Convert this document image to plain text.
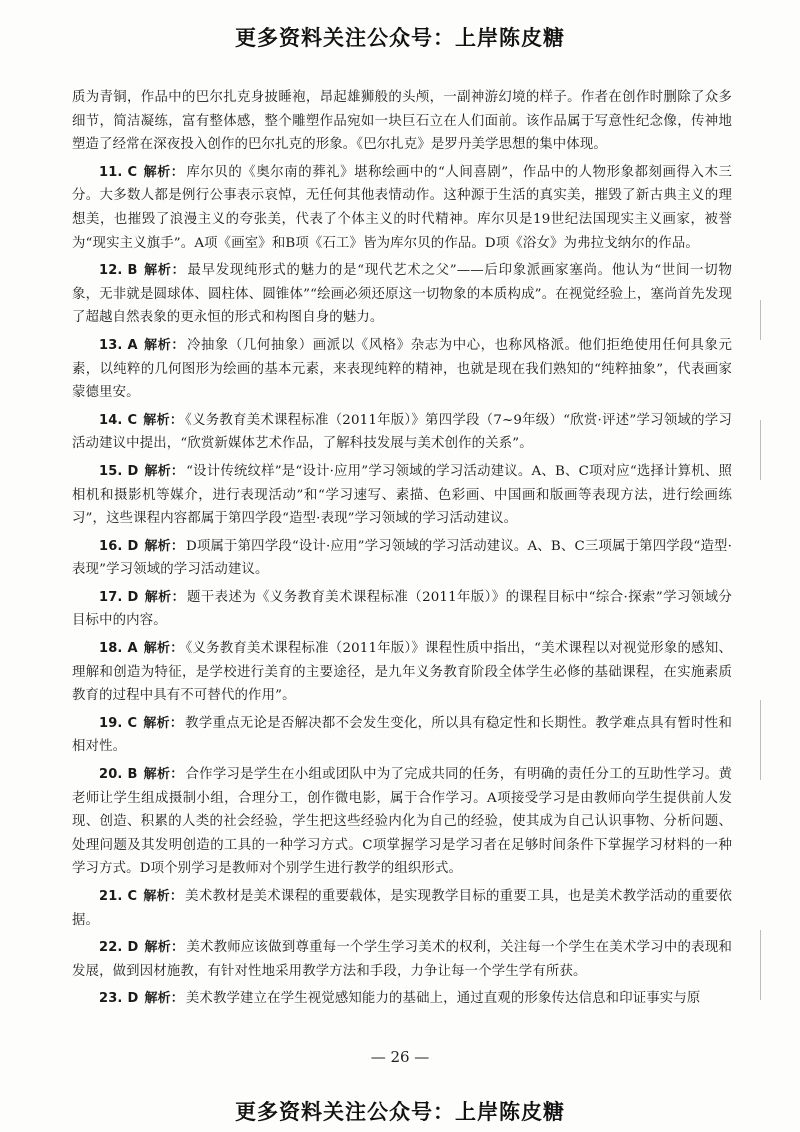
更多资料关注公众号：上岸陈皮糖

质为青铜，作品中的巴尔扎克身披睡袍，昂起雄狮般的头颅，一副神游幻境的样子。作者在创作时删除了众多细节，简洁凝练，富有整体感，整个雕塑作品宛如一块巨石立在人们面前。该作品属于写意性纪念像，传神地塑造了经常在深夜投入创作的巴尔扎克的形象。《巴尔扎克》是罗丹美学思想的集中体现。

11. C 解析： 库尔贝的《奥尔南的葬礼》堪称绘画中的“人间喜剧”，作品中的人物形象都刻画得入木三分。大多数人都是例行公事表示哀悼，无任何其他表情动作。这种源于生活的真实美，摧毁了新古典主义的理想美，也摧毁了浪漫主义的夸张美，代表了个体主义的时代精神。库尔贝是19世纪法国现实主义画家，被誉为“现实主义旗手”。A项《画室》和B项《石工》皆为库尔贝的作品。D项《浴女》为弗拉戈纳尔的作品。

12. B 解析： 最早发现纯形式的魅力的是“现代艺术之父”——后印象派画家塞尚。他认为“世间一切物象，无非就是圆球体、圆柱体、圆锥体”“绘画必须还原这一切物象的本质构成”。在视觉经验上，塞尚首先发现了超越自然表象的更永恒的形式和构图自身的魅力。

13. A 解析： 冷抽象（几何抽象）画派以《风格》杂志为中心，也称风格派。他们拒绝使用任何具象元素，以纯粹的几何图形为绘画的基本元素，来表现纯粹的精神，也就是现在我们熟知的“纯粹抽象”，代表画家蒙德里安。

14. C 解析： 《义务教育美术课程标准（2011年版）》第四学段（7~9年级）“欣赏·评述”学习领域的学习活动建议中提出，“欣赏新媒体艺术作品，了解科技发展与美术创作的关系”。

15. D 解析： “设计传统纹样”是“设计·应用”学习领域的学习活动建议。A、B、C项对应“选择计算机、照相机和摄影机等媒介，进行表现活动”和“学习速写、素描、色彩画、中国画和版画等表现方法，进行绘画练习”，这些课程内容都属于第四学段“造型·表现”学习领域的学习活动建议。

16. D 解析： D项属于第四学段“设计·应用”学习领域的学习活动建议。A、B、C三项属于第四学段“造型·表现”学习领域的学习活动建议。

17. D 解析： 题干表述为《义务教育美术课程标准（2011年版）》的课程目标中“综合·探索”学习领域分目标中的内容。

18. A 解析： 《义务教育美术课程标准（2011年版）》课程性质中指出，“美术课程以对视觉形象的感知、理解和创造为特征，是学校进行美育的主要途径，是九年义务教育阶段全体学生必修的基础课程，在实施素质教育的过程中具有不可替代的作用”。

19. C 解析： 教学重点无论是否解决都不会发生变化，所以具有稳定性和长期性。教学难点具有暂时性和相对性。

20. B 解析： 合作学习是学生在小组或团队中为了完成共同的任务，有明确的责任分工的互助性学习。黄老师让学生组成摄制小组，合理分工，创作微电影，属于合作学习。A项接受学习是由教师向学生提供前人发现、创造、积累的人类的社会经验，学生把这些经验内化为自己的经验，使其成为自己认识事物、分析问题、处理问题及其发明创造的工具的一种学习方式。C项掌握学习是学习者在足够时间条件下掌握学习材料的一种学习方式。D项个别学习是教师对个别学生进行教学的组织形式。

21. C 解析： 美术教材是美术课程的重要载体，是实现教学目标的重要工具，也是美术教学活动的重要依据。

22. D 解析： 美术教师应该做到尊重每一个学生学习美术的权利，关注每一个学生在美术学习中的表现和发展，做到因材施教，有针对性地采用教学方法和手段，力争让每一个学生学有所获。

23. D 解析： 美术教学建立在学生视觉感知能力的基础上，通过直观的形象传达信息和印证事实与原

— 26 —
更多资料关注公众号：上岸陈皮糖
